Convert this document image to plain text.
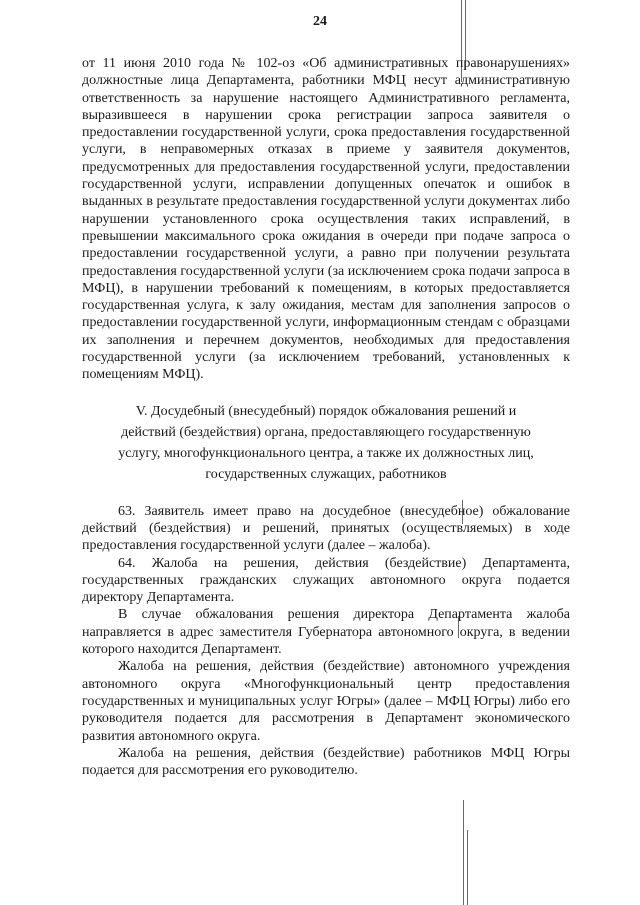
24

от 11 июня 2010 года № 102-оз «Об административных правонарушениях» должностные лица Департамента, работники МФЦ несут административную ответственность за нарушение настоящего Административного регламента, выразившееся в нарушении срока регистрации запроса заявителя о предоставлении государственной услуги, срока предоставления государственной услуги, в неправомерных отказах в приеме у заявителя документов, предусмотренных для предоставления государственной услуги, предоставлении государственной услуги, исправлении допущенных опечаток и ошибок в выданных в результате предоставления государственной услуги документах либо нарушении установленного срока осуществления таких исправлений, в превышении максимального срока ожидания в очереди при подаче запроса о предоставлении государственной услуги, а равно при получении результата предоставления государственной услуги (за исключением срока подачи запроса в МФЦ), в нарушении требований к помещениям, в которых предоставляется государственная услуга, к залу ожидания, местам для заполнения запросов о предоставлении государственной услуги, информационным стендам с образцами их заполнения и перечнем документов, необходимых для предоставления государственной услуги (за исключением требований, установленных к помещениям МФЦ).

V. Досудебный (внесудебный) порядок обжалования решений и
действий (бездействия) органа, предоставляющего государственную
услугу, многофункционального центра, а также их должностных лиц,
государственных служащих, работников

63. Заявитель имеет право на досудебное (внесудебное) обжалование действий (бездействия) и решений, принятых (осуществляемых) в ходе предоставления государственной услуги (далее – жалоба).

64. Жалоба на решения, действия (бездействие) Департамента, государственных гражданских служащих автономного округа подается директору Департамента.

В случае обжалования решения директора Департамента жалоба направляется в адрес заместителя Губернатора автономного округа, в ведении которого находится Департамент.

Жалоба на решения, действия (бездействие) автономного учреждения автономного округа «Многофункциональный центр предоставления государственных и муниципальных услуг Югры» (далее – МФЦ Югры) либо его руководителя подается для рассмотрения в Департамент экономического развития автономного округа.

Жалоба на решения, действия (бездействие) работников МФЦ Югры подается для рассмотрения его руководителю.
